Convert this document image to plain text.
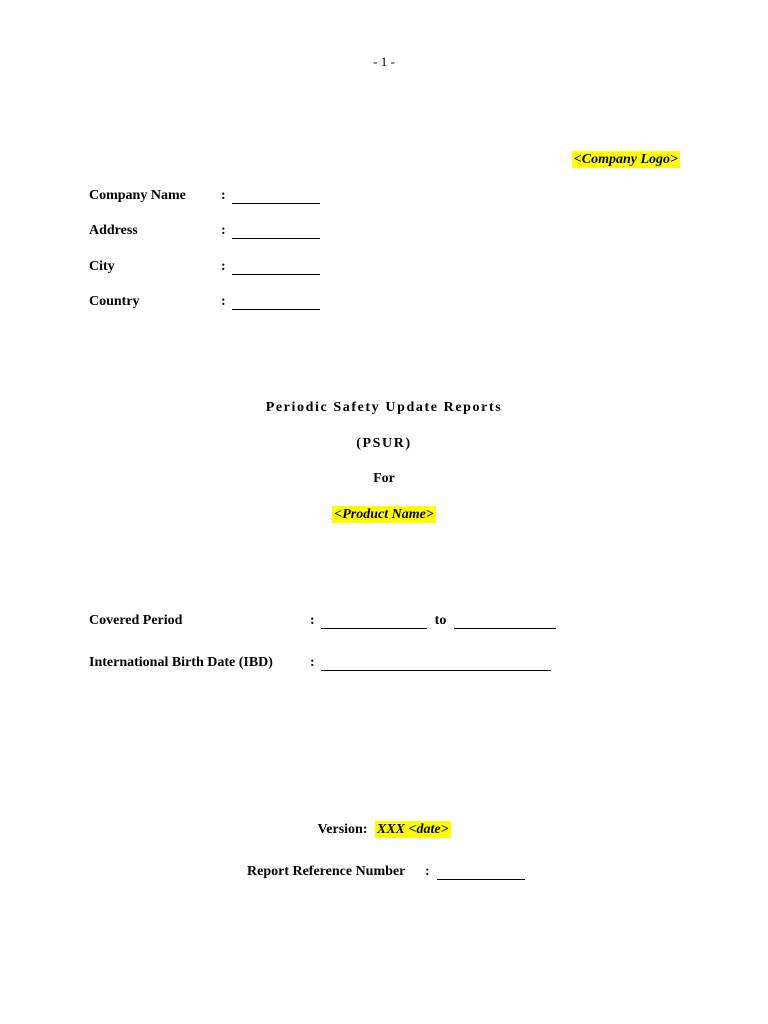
- 1 -
<Company Logo>
Company Name	:
Address	:
City	:
Country	:
Periodic Safety Update Reports
(PSUR)
For
<Product Name>
Covered Period	:	to
International Birth Date (IBD)	:
Version: XXX <date>
Report Reference Number :
